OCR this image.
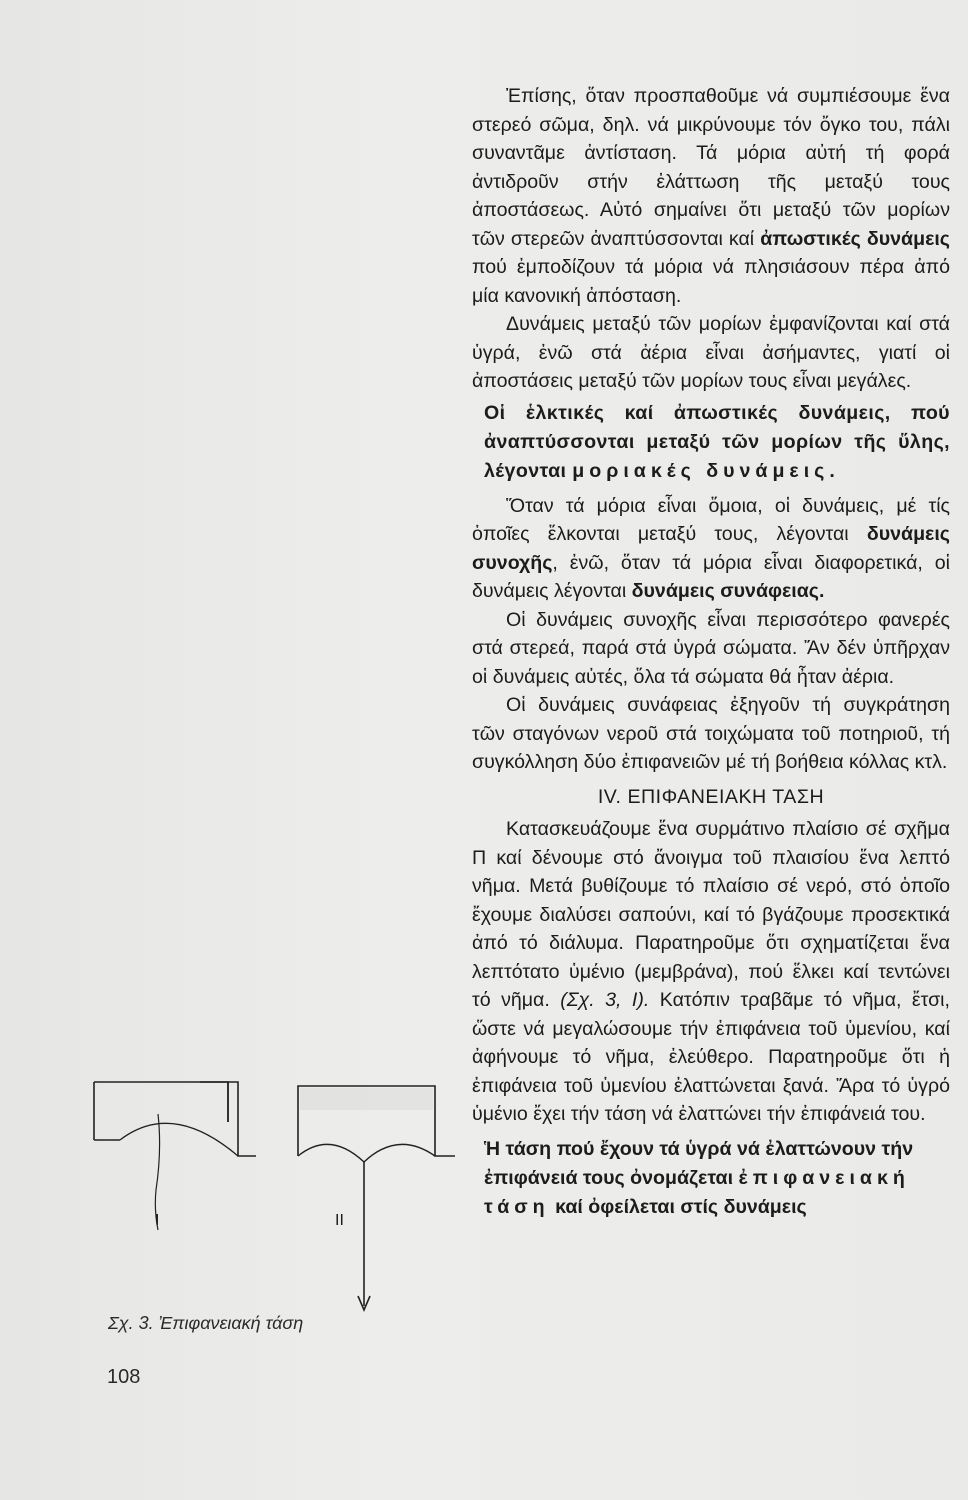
Ἐπίσης, ὅταν προσπαθοῦμε νά συμπιέσουμε ἕνα στερεό σῶμα, δηλ. νά μικρύνουμε τόν ὄγκο του, πάλι συναντᾶμε ἀντίσταση. Τά μόρια αὐτή τή φορά ἀντιδροῦν στήν ἐλάττωση τῆς μεταξύ τους ἀποστάσεως. Αὐτό σημαίνει ὅτι μεταξύ τῶν μορίων τῶν στερεῶν ἀναπτύσσονται καί ἀπωστικές δυνάμεις πού ἐμποδίζουν τά μόρια νά πλησιάσουν πέρα ἀπό μία κανονική ἀπόσταση.

Δυνάμεις μεταξύ τῶν μορίων ἐμφανίζονται καί στά ὑγρά, ἐνῶ στά ἀέρια εἶναι ἀσήμαντες, γιατί οἱ ἀποστάσεις μεταξύ τῶν μορίων τους εἶναι μεγάλες.

Οἱ ἑλκτικές καί ἀπωστικές δυνάμεις, πού ἀναπτύσσονται μεταξύ τῶν μορίων τῆς ὕλης, λέγονται μοριακές δυνάμεις.

Ὅταν τά μόρια εἶναι ὅμοια, οἱ δυνάμεις, μέ τίς ὁποῖες ἕλκονται μεταξύ τους, λέγονται δυνάμεις συνοχῆς, ἐνῶ, ὅταν τά μόρια εἶναι διαφορετικά, οἱ δυνάμεις λέγονται δυνάμεις συνάφειας.

Οἱ δυνάμεις συνοχῆς εἶναι περισσότερο φανερές στά στερεά, παρά στά ὑγρά σώματα. Ἄν δέν ὑπῆρχαν οἱ δυνάμεις αὐτές, ὅλα τά σώματα θά ἦταν ἀέρια.

Οἱ δυνάμεις συνάφειας ἐξηγοῦν τή συγκράτηση τῶν σταγόνων νεροῦ στά τοιχώματα τοῦ ποτηριοῦ, τή συγκόλληση δύο ἐπιφανειῶν μέ τή βοήθεια κόλλας κτλ.

IV. ΕΠΙΦΑΝΕΙΑΚΗ ΤΑΣΗ

Κατασκευάζουμε ἕνα συρμάτινο πλαίσιο σέ σχῆμα Π καί δένουμε στό ἄνοιγμα τοῦ πλαισίου ἕνα λεπτό νῆμα. Μετά βυθίζουμε τό πλαίσιο σέ νερό, στό ὁποῖο ἔχουμε διαλύσει σαπούνι, καί τό βγάζουμε προσεκτικά ἀπό τό διάλυμα. Παρατηροῦμε ὅτι σχηματίζεται ἕνα λεπτότατο ὑμένιο (μεμβράνα), πού ἕλκει καί τεντώνει τό νῆμα. (Σχ. 3, Ι). Κατόπιν τραβᾶμε τό νῆμα, ἔτσι, ὥστε νά μεγαλώσουμε τήν ἐπιφάνεια τοῦ ὑμενίου, καί ἀφήνουμε τό νῆμα, ἐλεύθερο. Παρατηροῦμε ὅτι ἡ ἐπιφάνεια τοῦ ὑμενίου ἐλαττώνεται ξανά. Ἄρα τό ὑγρό ὑμένιο ἔχει τήν τάση νά ἐλαττώνει τήν ἐπιφάνειά του.

Ἡ τάση πού ἔχουν τά ὑγρά νά ἐλαττώνουν τήν ἐπιφάνειά τους ὀνομάζεται ἐπιφανειακή τάση καί ὀφείλεται στίς δυνάμεις

I	II
Σχ. 3. Ἐπιφανειακή τάση
108
